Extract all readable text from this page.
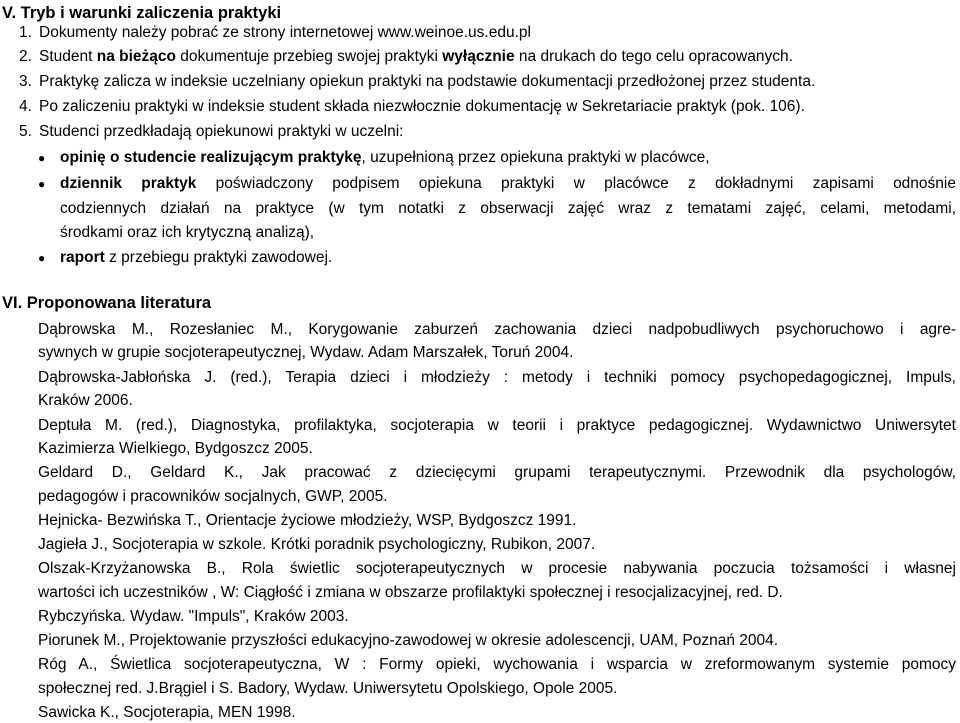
V. Tryb i warunki zaliczenia praktyki
1. Dokumenty należy pobrać ze strony internetowej www.weinoe.us.edu.pl
2. Student na bieżąco dokumentuje przebieg swojej praktyki wyłącznie na drukach do tego celu opracowanych.
3. Praktykę zalicza w indeksie uczelniany opiekun praktyki na podstawie dokumentacji przedłożonej przez studenta.
4. Po zaliczeniu praktyki w indeksie student składa niezwłocznie dokumentację w Sekretariacie praktyk (pok. 106).
5. Studenci przedkładają opiekunowi praktyki w uczelni:
● opinię o studencie realizującym praktykę, uzupełnioną przez opiekuna praktyki w placówce,
● dziennik praktyk poświadczony podpisem opiekuna praktyki w placówce z dokładnymi zapisami odnośnie
codziennych działań na praktyce (w tym notatki z obserwacji zajęć wraz z tematami zajęć, celami, metodami,
środkami oraz ich krytyczną analizą),
● raport z przebiegu praktyki zawodowej.
VI. Proponowana literatura
Dąbrowska M., Rozesłaniec M., Korygowanie zaburzeń zachowania dzieci nadpobudliwych psychoruchowo i agre-
sywnych w grupie socjoterapeutycznej, Wydaw. Adam Marszałek, Toruń 2004.
Dąbrowska-Jabłońska J. (red.), Terapia dzieci i młodzieży : metody i techniki pomocy psychopedagogicznej, Impuls,
Kraków 2006.
Deptuła M. (red.), Diagnostyka, profilaktyka, socjoterapia w teorii i praktyce pedagogicznej. Wydawnictwo Uniwersytet
Kazimierza Wielkiego, Bydgoszcz 2005.
Geldard D., Geldard K., Jak pracować z dziecięcymi grupami terapeutycznymi. Przewodnik dla psychologów,
pedagogów i pracowników socjalnych, GWP, 2005.
Hejnicka- Bezwińska T., Orientacje życiowe młodzieży, WSP, Bydgoszcz 1991.
Jagieła J., Socjoterapia w szkole. Krótki poradnik psychologiczny, Rubikon, 2007.
Olszak-Krzyżanowska B., Rola świetlic socjoterapeutycznych w procesie nabywania poczucia tożsamości i własnej
wartości ich uczestników , W: Ciągłość i zmiana w obszarze profilaktyki społecznej i resocjalizacyjnej, red. D.
Rybczyńska. Wydaw. "Impuls", Kraków 2003.
Piorunek M., Projektowanie przyszłości edukacyjno-zawodowej w okresie adolescencji, UAM, Poznań 2004.
Róg A., Świetlica socjoterapeutyczna, W : Formy opieki, wychowania i wsparcia w zreformowanym systemie pomocy
społecznej red. J.Brągiel i S. Badory, Wydaw. Uniwersytetu Opolskiego, Opole 2005.
Sawicka K., Socjoterapia, MEN 1998.
